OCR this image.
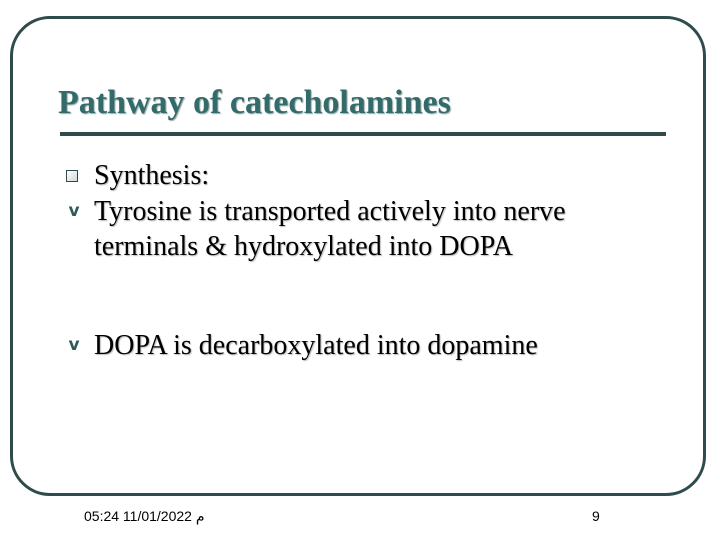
Pathway of catecholamines
Synthesis:
v Tyrosine is transported actively into nerve terminals & hydroxylated into DOPA
v DOPA is decarboxylated into dopamine
05:24 11/01/2022 م	9
